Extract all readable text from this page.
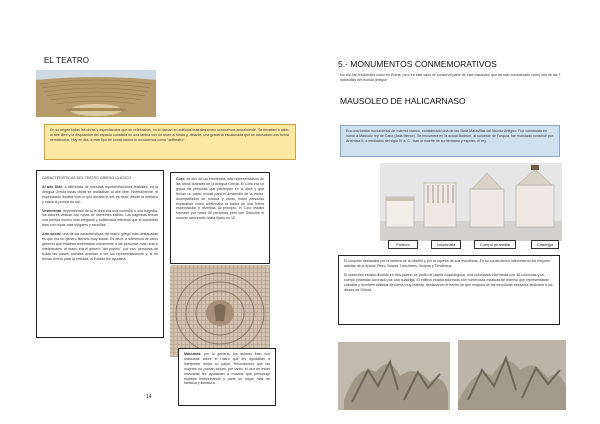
EL TEATRO
En su origen todas las obras y espectáculos que se celebraban, no lo hacían en edificios teatrales como conocemos actualmente. Se llevaban a cabo al aire libre y la disposición del espacio consistía en una tarima con un muro al fondo y, delante, una gradería escalonada que se adosaban una forma semicircular. Hoy en día, a este tipo de construcción lo conocemos como "anfiteatro".
CARACTERÍSTICAS DEL TEATRO GRIEGO CLÁSICO
Al aire libre: a diferencia de nuestras representaciones teatrales, en la Antigua Grecia estas obras se realizaban al aire libre. Normalmente, el espectáculo duraba todo lo que duraba el sol, es decir, desde la mañana y hasta la puesta de sol.
Vestimenta: dependiendo de si la obra era una comedia o una tragedia, los actores vestían con ropas de diferentes estilos. Las tragedias tenían una prenda mucho más elegante y sofisticada mientras que la comedias iban con ropas más vulgares y sencillas.
Arte social: una de las características del teatro griego más destacadas es que era un género literario muy social. Es decir, a diferencia de otros géneros que estaban reservados únicamente a las personas más ricas e intelectuales, el teatro era el género "del pueblo", por eso, personas de todas las clases sociales acudían a ver los representaciones y, si no tenían dinero para la entrada, el Estado les ayudaba.
Coro: es otro de los elementos más representativos de las obras teatrales de la Antigua Grecia. El Coro era un grupo de personas que participan en la obra y que tenían un papel crucial para el desarrollo de la trama. Acompañados de música y canto, estos personas explicaban cómo continuaba la trama de una forma espectacular y divertida. Al principio, el Coro estaba formado por hasta 50 personas pero con Sófocles el número descendió hasta fijarlo en 15.
Máscaras: por lo general, los actores iban con máscaras sobre el rostro que les ayudaban a interpretar mejor su papel. Recordemos que las mujeres no podían actuar, por tanto, el uso de estas máscaras les ayudaban a mostrar qué personaje estaban interpretando y darle un toque más de fantasía y literatura.
14
5.- MONUMENTOS CONMEMORATIVOS
No son tan frecuentes como en Roma, pero en este caso se conserva parte de este mausoleo que ha sido considerado como una de las 7 maravillas del mundo antiguo
MAUSOLEO DE HALICARNASO
Era una tumba monumental de mármol blanco, considerado una de las Siete Maravillas del Mundo Antiguo. Fue construida en honor a Mausolo rey de Caria (Asia Menor). Se encuentra en la actual Bodrum, al suroeste de Turquía, fue mandado construir por Artemisa II, a mediados del siglo IV a. C., tras la muerte de su hermano y esposo, el rey.
Pódium	columnata	Cuerpo piramidal	Cuadriga
El conjunto destacaba por la belleza de su diseño y por la riqueza de sus esculturas. En su construcción intervinieron los mejores artistas de la época: Piteo, Briaxis, Leochares, Scopas y Timotheus.
El mausoleo estaba dividido en tres partes: un podio de planta cuadrangular, una columnata intermedia con 36 columnas y un cuerpo piramidal coronado por una cuadriga. El edificio estaba adornado con numerosas estatuas de mármol que representaban caballos y hombres tallados de forma muy realista, destacando el hecho de que ninguna de las esculturas estuviera dedicada a los dioses de Grecia.
